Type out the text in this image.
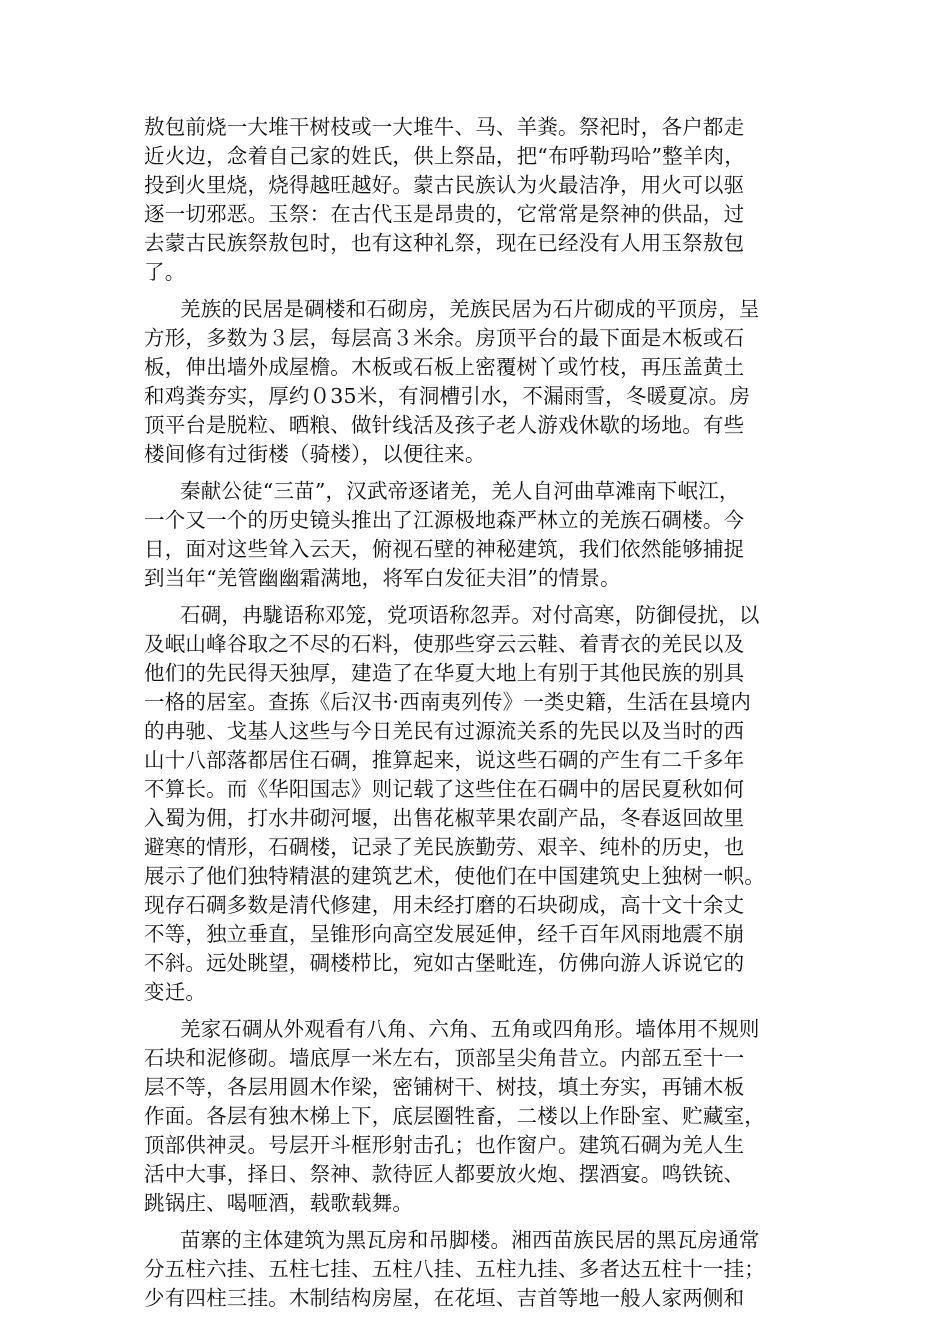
敖包前烧一大堆干树枝或一大堆牛、马、羊粪。祭祀时，各户都走
近火边，念着自己家的姓氏，供上祭品，把“布呼勒玛哈”整羊肉，
投到火里烧，烧得越旺越好。蒙古民族认为火最洁净，用火可以驱
逐一切邪恶。玉祭：在古代玉是昂贵的，它常常是祭神的供品，过
去蒙古民族祭敖包时，也有这种礼祭，现在已经没有人用玉祭敖包
了。
羌族的民居是碉楼和石砌房，羌族民居为石片砌成的平顶房，呈
方形，多数为３层，每层高３米余。房顶平台的最下面是木板或石
板，伸出墙外成屋檐。木板或石板上密覆树丫或竹枝，再压盖黄土
和鸡粪夯实，厚约０35米，有洞槽引水，不漏雨雪，冬暖夏凉。房
顶平台是脱粒、晒粮、做针线活及孩子老人游戏休歇的场地。有些
楼间修有过街楼（骑楼），以便往来。
秦献公徒“三苗”，汉武帝逐诸羌，羌人自河曲草滩南下岷江，
一个又一个的历史镜头推出了江源极地森严林立的羌族石碉楼。今
日，面对这些耸入云天，俯视石壁的神秘建筑，我们依然能够捕捉
到当年“羌管幽幽霜满地，将军白发征夫泪”的情景。
石碉，冉駹语称邓笼，党项语称忽弄。对付高寒，防御侵扰，以
及岷山峰谷取之不尽的石料，使那些穿云云鞋、着青衣的羌民以及
他们的先民得天独厚，建造了在华夏大地上有别于其他民族的别具
一格的居室。查拣《后汉书·西南夷列传》一类史籍，生活在县境内
的冉驰、戈基人这些与今日羌民有过源流关系的先民以及当时的西
山十八部落都居住石碉，推算起来，说这些石碉的产生有二千多年
不算长。而《华阳国志》则记载了这些住在石碉中的居民夏秋如何
入蜀为佣，打水井砌河堰，出售花椒苹果农副产品，冬春返回故里
避寒的情形，石碉楼，记录了羌民族勤劳、艰辛、纯朴的历史，也
展示了他们独特精湛的建筑艺术，使他们在中国建筑史上独树一帜。
现存石碉多数是清代修建，用未经打磨的石块砌成，高十文十余丈
不等，独立垂直，呈锥形向高空发展延伸，经千百年风雨地震不崩
不斜。远处眺望，碉楼栉比，宛如古堡毗连，仿佛向游人诉说它的
变迁。
羌家石碉从外观看有八角、六角、五角或四角形。墙体用不规则
石块和泥修砌。墙底厚一米左右，顶部呈尖角昔立。内部五至十一
层不等，各层用圆木作梁，密铺树干、树技，填土夯实，再铺木板
作面。各层有独木梯上下，底层圈牲畜，二楼以上作卧室、贮藏室，
顶部供神灵。号层开斗框形射击孔；也作窗户。建筑石碉为羌人生
活中大事，择日、祭神、款待匠人都要放火炮、摆酒宴。鸣铁铳、
跳锅庄、喝咂酒，载歌载舞。
苗寨的主体建筑为黑瓦房和吊脚楼。湘西苗族民居的黑瓦房通常
分五柱六挂、五柱七挂、五柱八挂、五柱九挂、多者达五柱十一挂；
少有四柱三挂。木制结构房屋，在花垣、吉首等地一般人家两侧和
